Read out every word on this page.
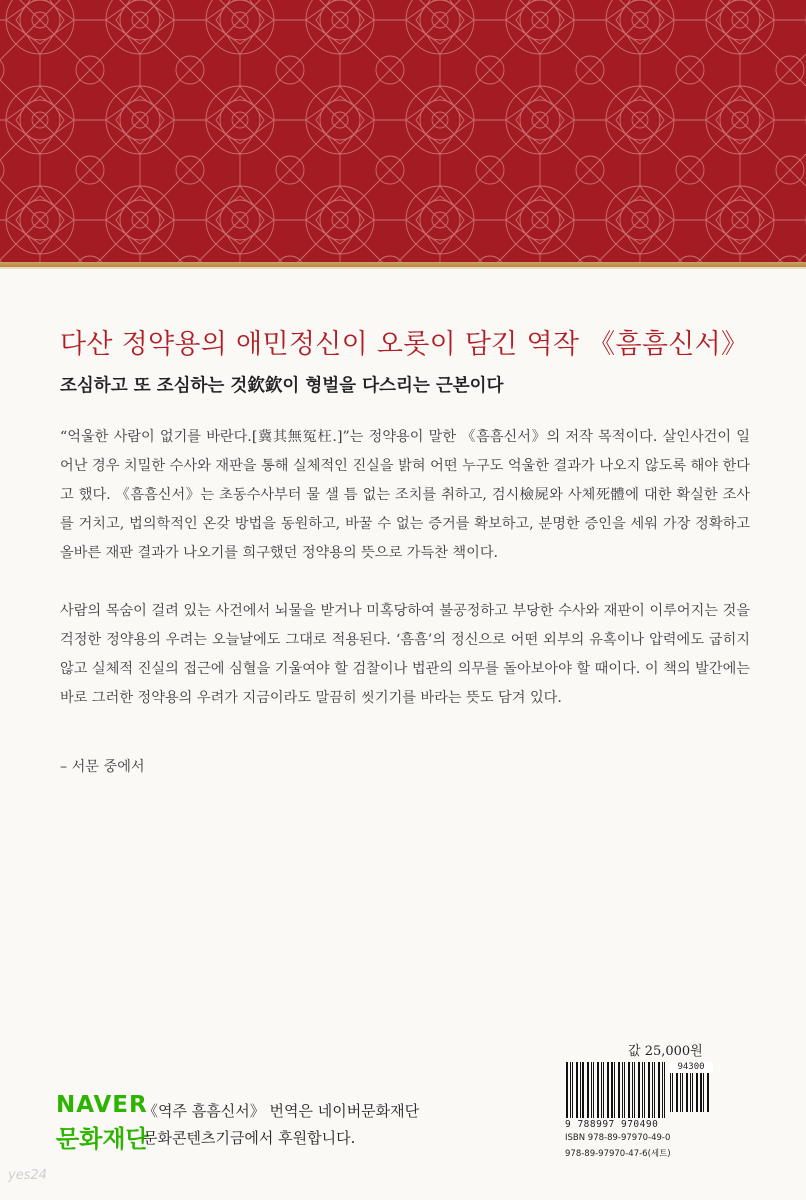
다산 정약용의 애민정신이 오롯이 담긴 역작 《흠흠신서》
조심하고 또 조심하는 것欽欽이 형벌을 다스리는 근본이다

“억울한 사람이 없기를 바란다.[冀其無冤枉.]”는 정약용이 말한 《흠흠신서》의 저작 목적이다. 살인사건이 일어난 경우 치밀한 수사와 재판을 통해 실체적인 진실을 밝혀 어떤 누구도 억울한 결과가 나오지 않도록 해야 한다고 했다. 《흠흠신서》는 초동수사부터 물 샐 틈 없는 조치를 취하고, 검시檢屍와 사체死體에 대한 확실한 조사를 거치고, 법의학적인 온갖 방법을 동원하고, 바꿀 수 없는 증거를 확보하고, 분명한 증인을 세워 가장 정확하고 올바른 재판 결과가 나오기를 희구했던 정약용의 뜻으로 가득찬 책이다.

사람의 목숨이 걸려 있는 사건에서 뇌물을 받거나 미혹당하여 불공정하고 부당한 수사와 재판이 이루어지는 것을 걱정한 정약용의 우려는 오늘날에도 그대로 적용된다. ‘흠흠’의 정신으로 어떤 외부의 유혹이나 압력에도 굽히지 않고 실체적 진실의 접근에 심혈을 기울여야 할 검찰이나 법관의 의무를 돌아보아야 할 때이다. 이 책의 발간에는 바로 그러한 정약용의 우려가 지금이라도 말끔히 씻기기를 바라는 뜻도 담겨 있다.

– 서문 중에서
NAVER
문화재단
《역주 흠흠신서》 번역은 네이버문화재단
문화콘텐츠기금에서 후원합니다.
값 25,000원
94300
9 788997 970490
ISBN 978-89-97970-49-0
978-89-97970-47-6(세트)
yes24
